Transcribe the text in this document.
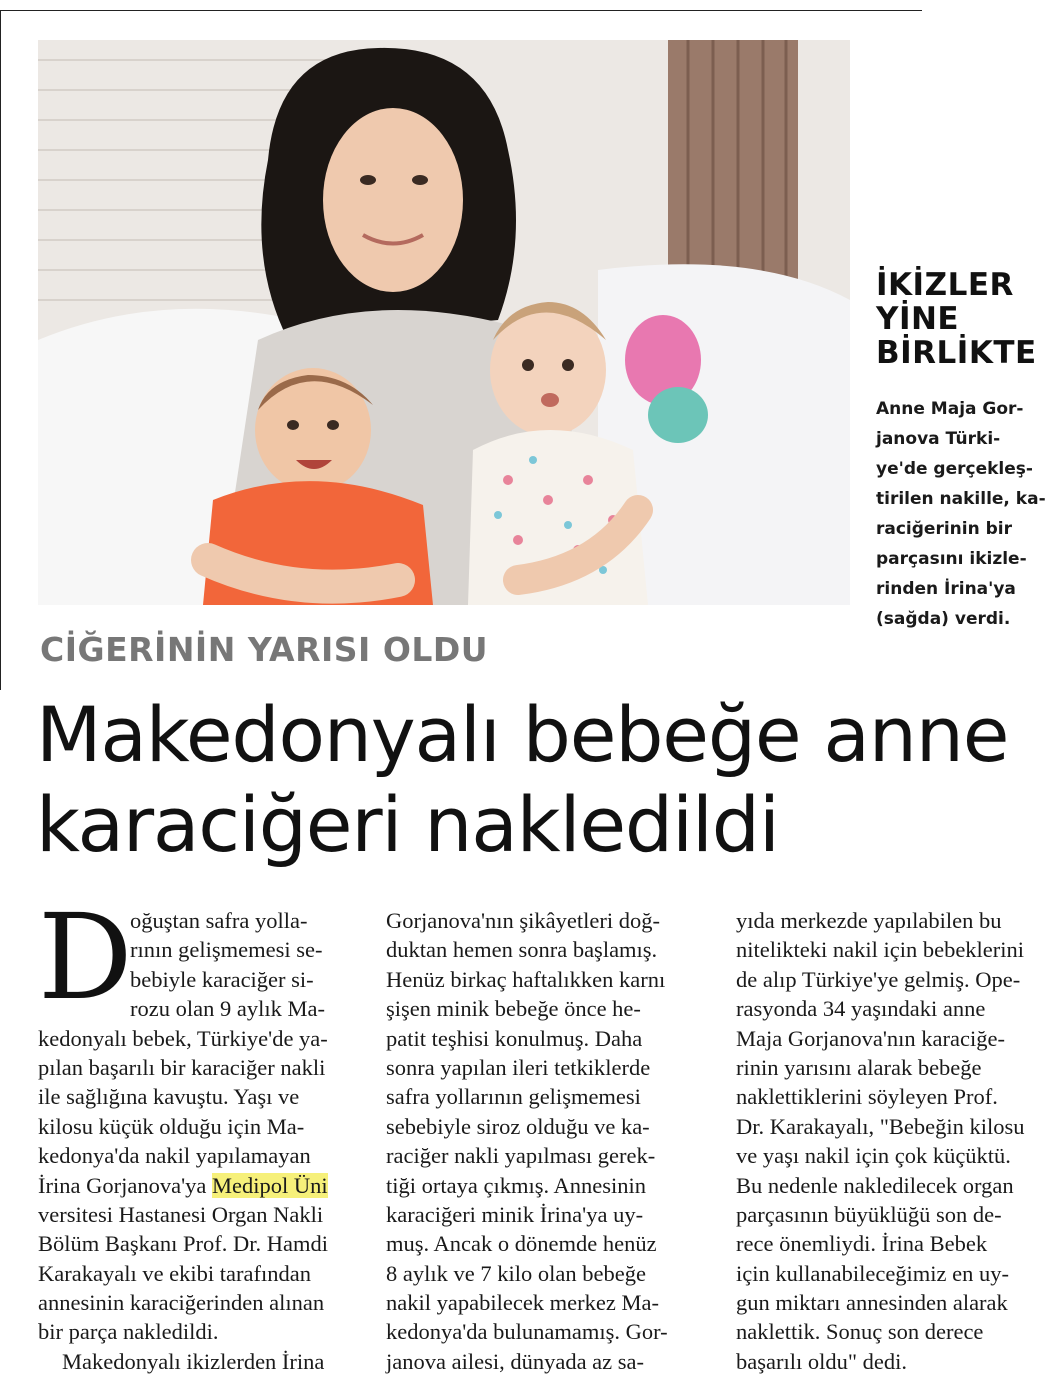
İKİZLER
YİNE
BİRLİKTE
Anne Maja Gor-
janova Türki-
ye'de gerçekleş-
tirilen nakille, ka-
raciğerinin bir
parçasını ikizle-
rinden İrina'ya
(sağda) verdi.
CİĞERİNİN YARISI OLDU
Makedonyalı bebeğe anne
karaciğeri nakledildi
D
oğuştan safra yolla-
rının gelişmemesi se-
bebiyle karaciğer si-
rozu olan 9 aylık Ma-
kedonyalı bebek, Türkiye'de ya-
pılan başarılı bir karaciğer nakli
ile sağlığına kavuştu. Yaşı ve
kilosu küçük olduğu için Ma-
kedonya'da nakil yapılamayan
İrina Gorjanova'ya Medipol Üni
versitesi Hastanesi Organ Nakli
Bölüm Başkanı Prof. Dr. Hamdi
Karakayalı ve ekibi tarafından
annesinin karaciğerinden alınan
bir parça nakledildi.
Makedonyalı ikizlerden İrina
Gorjanova'nın şikâyetleri doğ-
duktan hemen sonra başlamış.
Henüz birkaç haftalıkken karnı
şişen minik bebeğe önce he-
patit teşhisi konulmuş. Daha
sonra yapılan ileri tetkiklerde
safra yollarının gelişmemesi
sebebiyle siroz olduğu ve ka-
raciğer nakli yapılması gerek-
tiği ortaya çıkmış. Annesinin
karaciğeri minik İrina'ya uy-
muş. Ancak o dönemde henüz
8 aylık ve 7 kilo olan bebeğe
nakil yapabilecek merkez Ma-
kedonya'da bulunamamış. Gor-
janova ailesi, dünyada az sa-
yıda merkezde yapılabilen bu
nitelikteki nakil için bebeklerini
de alıp Türkiye'ye gelmiş. Ope-
rasyonda 34 yaşındaki anne
Maja Gorjanova'nın karaciğe-
rinin yarısını alarak bebeğe
naklettiklerini söyleyen Prof.
Dr. Karakayalı, "Bebeğin kilosu
ve yaşı nakil için çok küçüktü.
Bu nedenle nakledilecek organ
parçasının büyüklüğü son de-
rece önemliydi. İrina Bebek
için kullanabileceğimiz en uy-
gun miktarı annesinden alarak
naklettik. Sonuç son derece
başarılı oldu" dedi.
